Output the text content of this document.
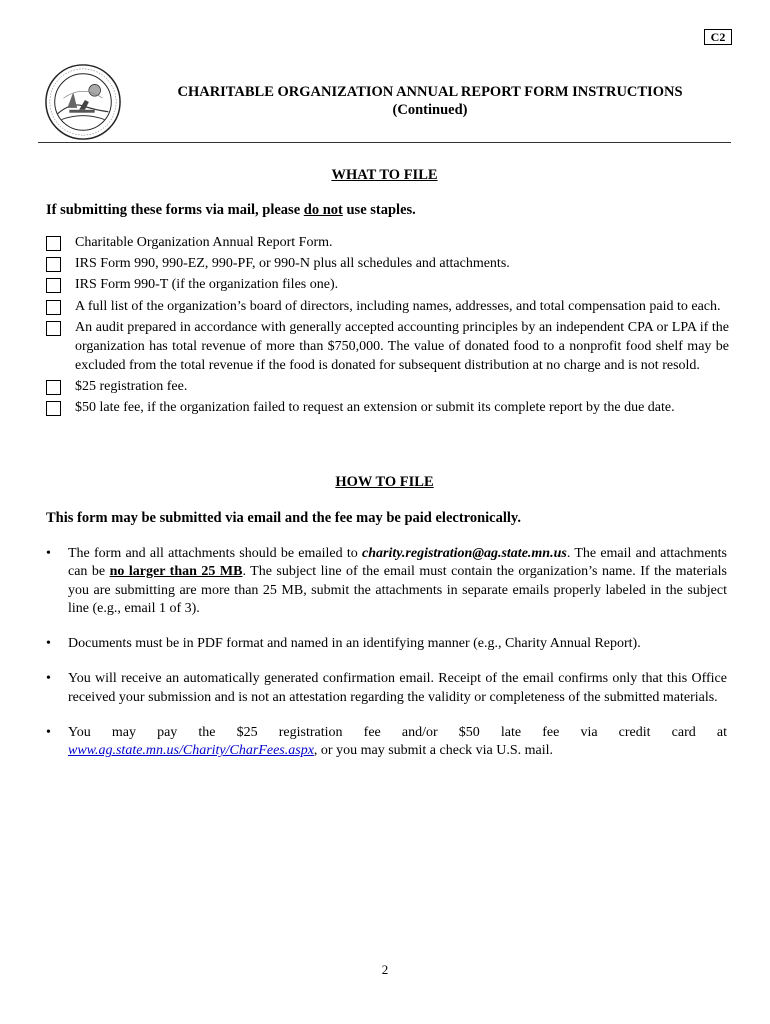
C2
CHARITABLE ORGANIZATION ANNUAL REPORT FORM INSTRUCTIONS
(Continued)
WHAT TO FILE
If submitting these forms via mail, please do not use staples.
Charitable Organization Annual Report Form.
IRS Form 990, 990-EZ, 990-PF, or 990-N plus all schedules and attachments.
IRS Form 990-T (if the organization files one).
A full list of the organization’s board of directors, including names, addresses, and total compensation paid to each.
An audit prepared in accordance with generally accepted accounting principles by an independent CPA or LPA if the organization has total revenue of more than $750,000. The value of donated food to a nonprofit food shelf may be excluded from the total revenue if the food is donated for subsequent distribution at no charge and is not resold.
$25 registration fee.
$50 late fee, if the organization failed to request an extension or submit its complete report by the due date.
HOW TO FILE
This form may be submitted via email and the fee may be paid electronically.
•	The form and all attachments should be emailed to charity.registration@ag.state.mn.us. The email and attachments can be no larger than 25 MB. The subject line of the email must contain the organization’s name. If the materials you are submitting are more than 25 MB, submit the attachments in separate emails properly labeled in the subject line (e.g., email 1 of 3).
•	Documents must be in PDF format and named in an identifying manner (e.g., Charity Annual Report).
•	You will receive an automatically generated confirmation email. Receipt of the email confirms only that this Office received your submission and is not an attestation regarding the validity or completeness of the submitted materials.
•	You may pay the $25 registration fee and/or $50 late fee via credit card at
www.ag.state.mn.us/Charity/CharFees.aspx, or you may submit a check via U.S. mail.
2
